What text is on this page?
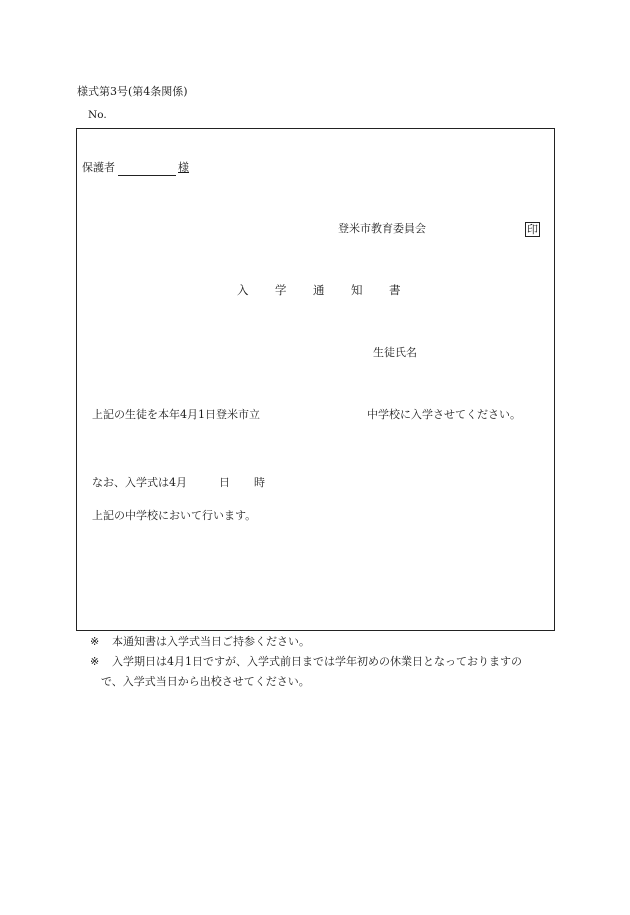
様式第3号(第4条関係)
No.
保護者	様
登米市教育委員会	印
入 学 通 知 書
生徒氏名
上記の生徒を本年4月1日登米市立	中学校に入学させてください。
なお、入学式は4月	日 時
上記の中学校において行います。
※ 本通知書は入学式当日ご持参ください。
※ 入学期日は4月1日ですが、入学式前日までは学年初めの休業日となっておりますの
で、入学式当日から出校させてください。
